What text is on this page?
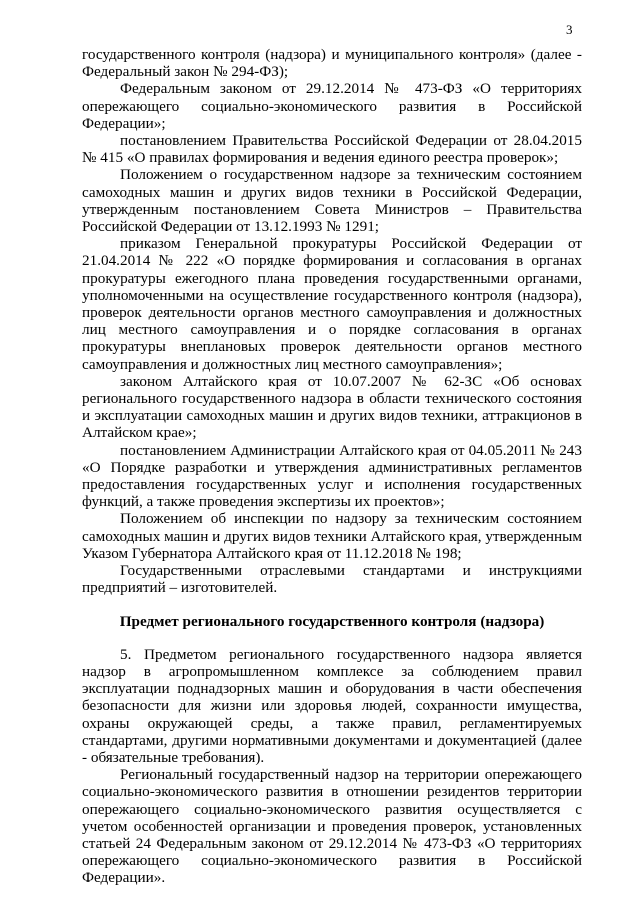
3

государственного контроля (надзора) и муниципального контроля» (далее - Федеральный закон № 294-ФЗ);

Федеральным законом от 29.12.2014 № 473-ФЗ «О территориях опережающего социально-экономического развития в Российской Федерации»;

постановлением Правительства Российской Федерации от 28.04.2015 № 415 «О правилах формирования и ведения единого реестра проверок»;

Положением о государственном надзоре за техническим состоянием самоходных машин и других видов техники в Российской Федерации, утвержденным постановлением Совета Министров – Правительства Российской Федерации от 13.12.1993 № 1291;

приказом Генеральной прокуратуры Российской Федерации от 21.04.2014 № 222 «О порядке формирования и согласования в органах прокуратуры ежегодного плана проведения государственными органами, уполномоченными на осуществление государственного контроля (надзора), проверок деятельности органов местного самоуправления и должностных лиц местного самоуправления и о порядке согласования в органах прокуратуры внеплановых проверок деятельности органов местного самоуправления и должностных лиц местного самоуправления»;

законом Алтайского края от 10.07.2007 № 62-ЗС «Об основах регионального государственного надзора в области технического состояния и эксплуатации самоходных машин и других видов техники, аттракционов в Алтайском крае»;

постановлением Администрации Алтайского края от 04.05.2011 № 243 «О Порядке разработки и утверждения административных регламентов предоставления государственных услуг и исполнения государственных функций, а также проведения экспертизы их проектов»;

Положением об инспекции по надзору за техническим состоянием самоходных машин и других видов техники Алтайского края, утвержденным Указом Губернатора Алтайского края от 11.12.2018 № 198;

Государственными отраслевыми стандартами и инструкциями предприятий – изготовителей.

Предмет регионального государственного контроля (надзора)

5. Предметом регионального государственного надзора является надзор в агропромышленном комплексе за соблюдением правил эксплуатации поднадзорных машин и оборудования в части обеспечения безопасности для жизни или здоровья людей, сохранности имущества, охраны окружающей среды, а также правил, регламентируемых стандартами, другими нормативными документами и документацией (далее - обязательные требования).

Региональный государственный надзор на территории опережающего социально-экономического развития в отношении резидентов территории опережающего социально-экономического развития осуществляется с учетом особенностей организации и проведения проверок, установленных статьей 24 Федеральным законом от 29.12.2014 № 473-ФЗ «О территориях опережающего социально-экономического развития в Российской Федерации».
